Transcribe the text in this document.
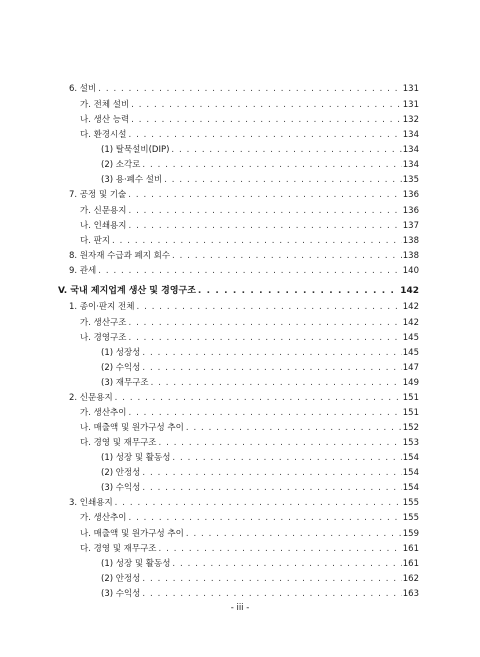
6. 설비 . . .	131
가. 전체 설비 . . .	131
나. 생산 능력 . . .	132
다. 환경시설 . . .	134
(1) 탈묵설비(DIP) . . .	134
(2) 소각로 . . .	134
(3) 용·폐수 설비 . . .	135
7. 공정 및 기술 . . .	136
가. 신문용지 . . .	136
나. 인쇄용지 . . .	137
다. 판지 . . .	138
8. 원자재 수급과 폐지 회수 . . .	138
9. 관세 . . .	140
V. 국내 제지업계 생산 및 경영구조 . . .	142
1. 종이·판지 전체 . . .	142
가. 생산구조 . . .	142
나. 경영구조 . . .	145
(1) 성장성 . . .	145
(2) 수익성 . . .	147
(3) 재무구조 . . .	149
2. 신문용지 . . .	151
가. 생산추이 . . .	151
나. 매출액 및 원가구성 추이 . . .	152
다. 경영 및 재무구조 . . .	153
(1) 성장 및 활동성 . . .	154
(2) 안정성 . . .	154
(3) 수익성 . . .	154
3. 인쇄용지 . . .	155
가. 생산추이 . . .	155
나. 매출액 및 원가구성 추이 . . .	159
다. 경영 및 재무구조 . . .	161
(1) 성장 및 활동성 . . .	161
(2) 안정성 . . .	162
(3) 수익성 . . .	163
- iii -
